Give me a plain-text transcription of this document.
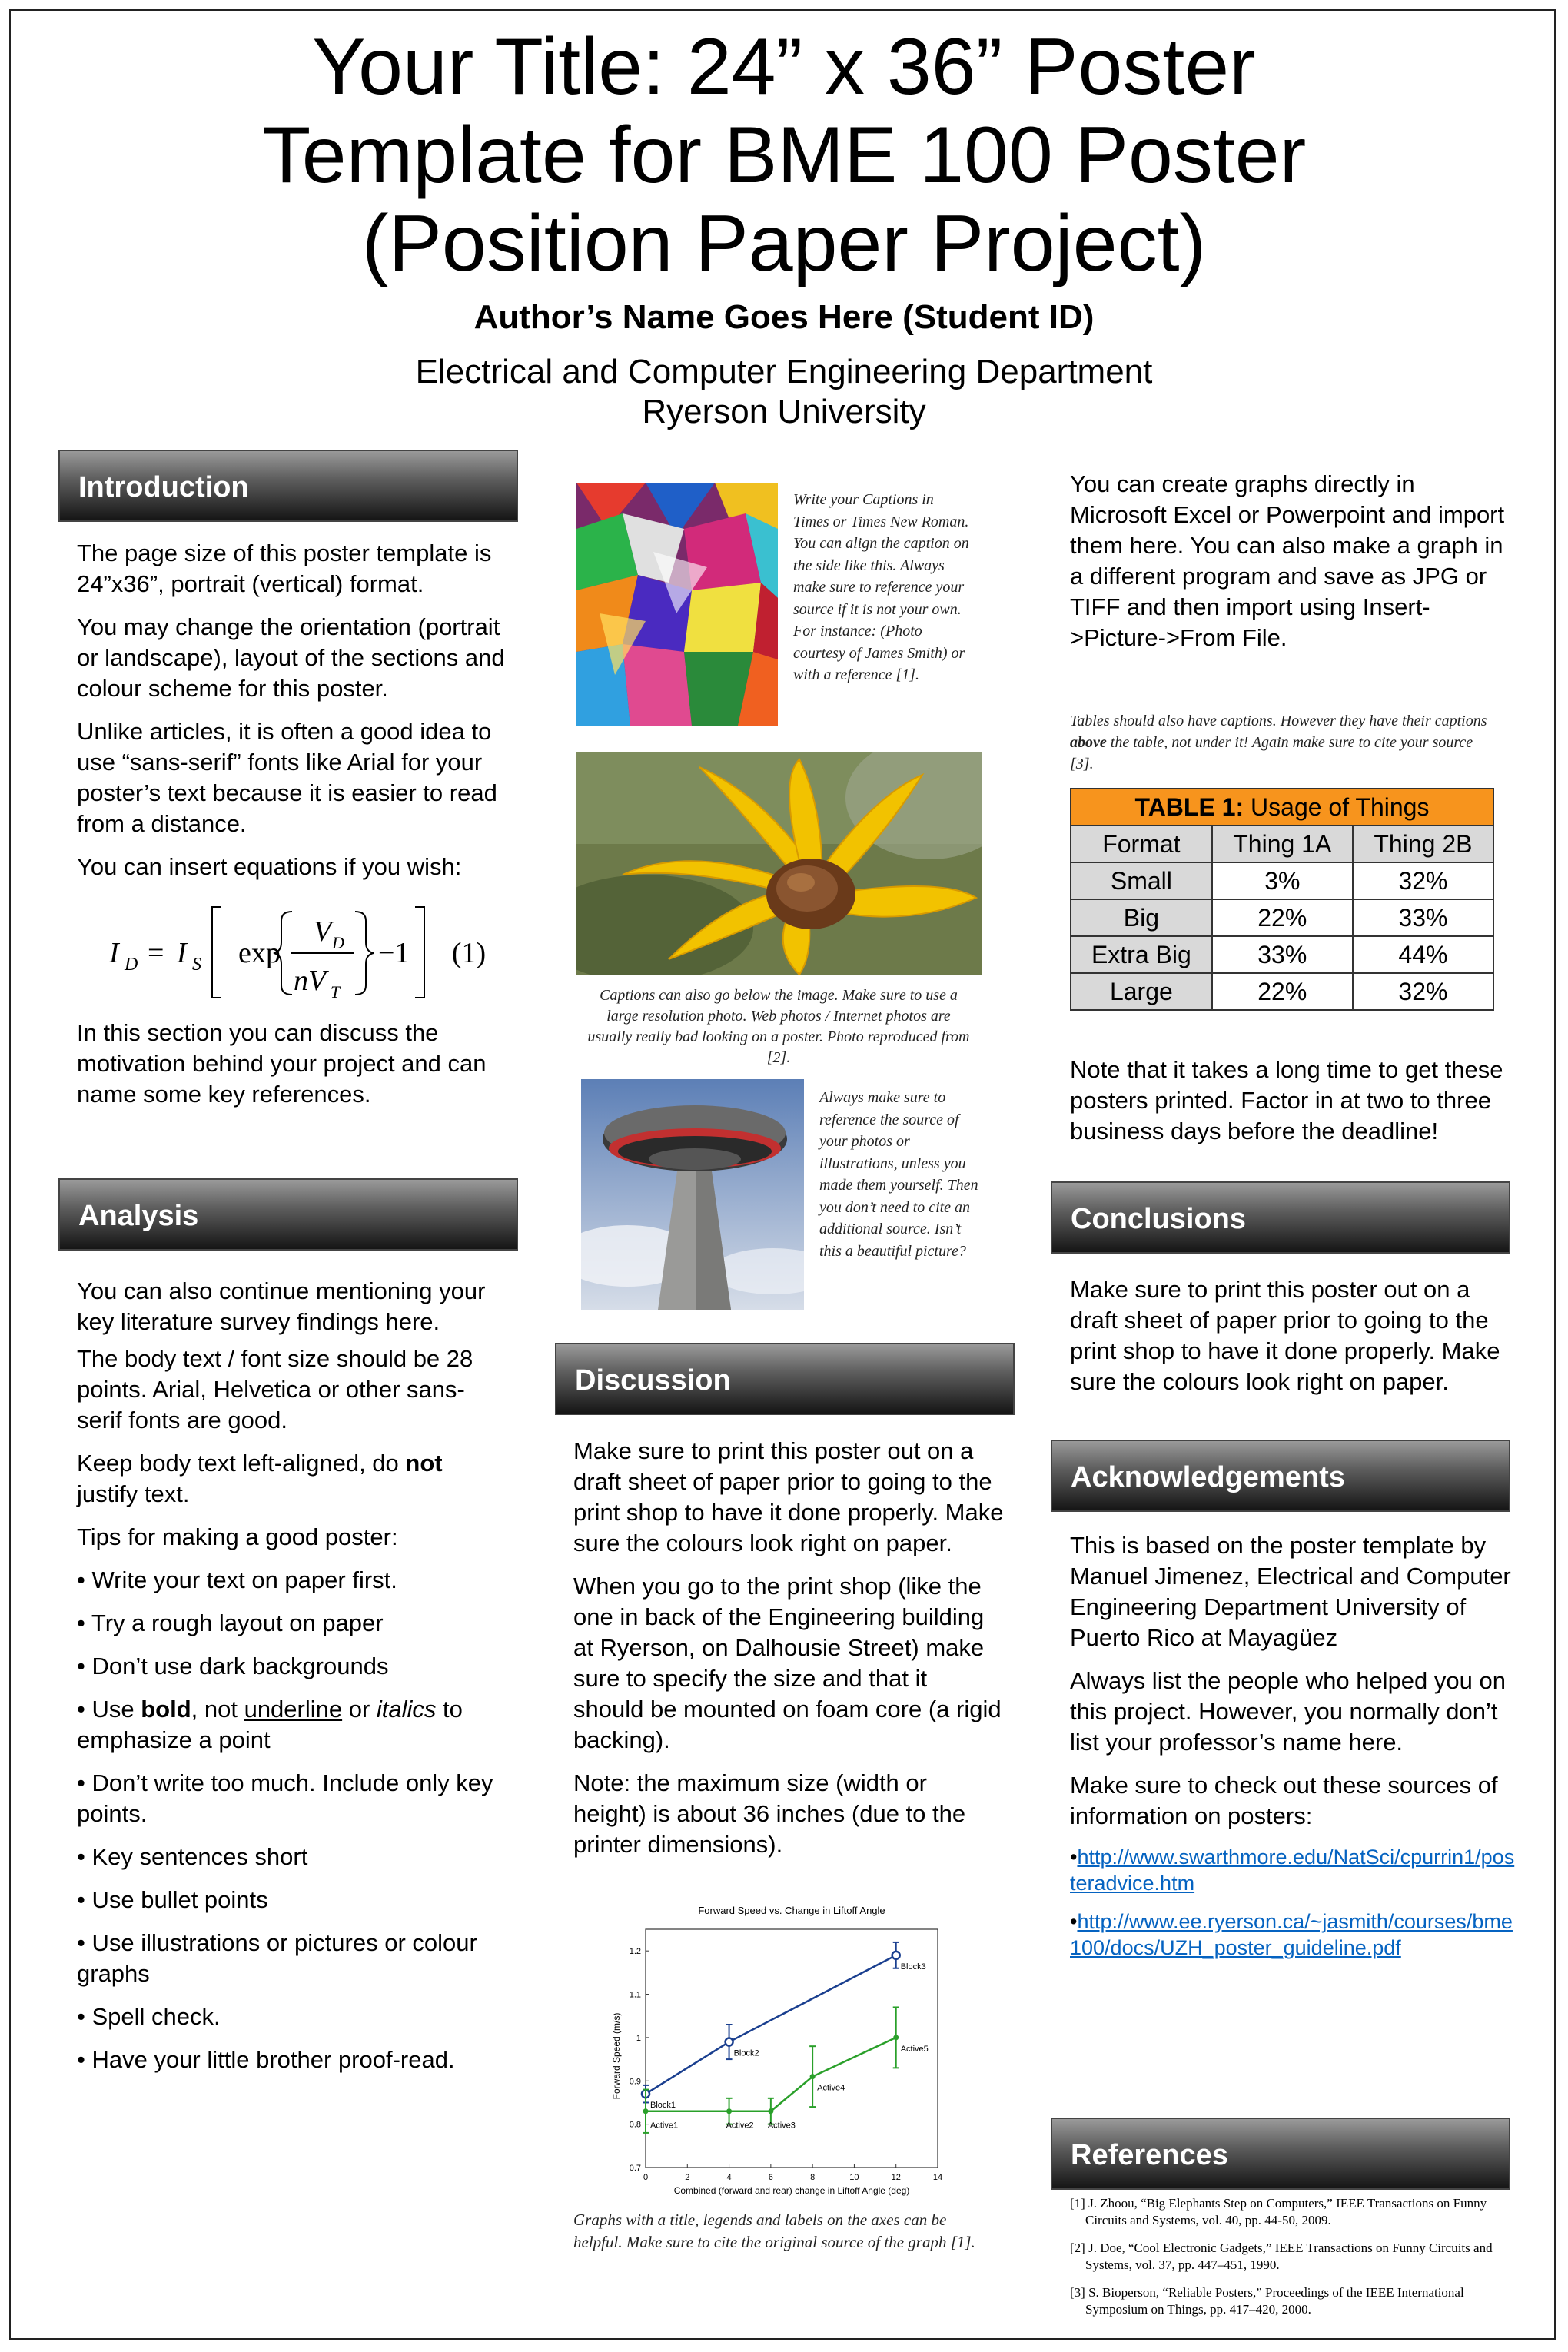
Your Title: 24” x 36” Poster
Template for BME 100 Poster
(Position Paper Project)
Author’s Name Goes Here (Student ID)
Electrical and Computer Engineering Department
Ryerson University
Introduction

The page size of this poster template is 24”x36”, portrait (vertical) format.

You may change the orientation (portrait or landscape), layout of the sections and colour scheme for this poster.

Unlike articles, it is often a good idea to use “sans-serif” fonts like Arial for your poster’s text because it is easier to read from a distance.

You can insert equations if you wish:

I D = I S exp
V D
nV T
−1 (1)

In this section you can discuss the motivation behind your project and can name some key references.

Analysis

You can also continue mentioning your key literature survey findings here.

The body text / font size should be 28 points. Arial, Helvetica or other sans-serif fonts are good.

Keep body text left-aligned, do not justify text.

Tips for making a good poster:

• Write your text on paper first.

• Try a rough layout on paper

• Don’t use dark backgrounds

• Use bold, not underline or italics to emphasize a point

• Don’t write too much. Include only key points.

• Key sentences short

• Use bullet points

• Use illustrations or pictures or colour graphs

• Spell check.

• Have your little brother proof-read.

Write your Captions in Times or Times New Roman. You can align the caption on the side like this. Always make sure to reference your source if it is not your own. For instance: (Photo courtesy of James Smith) or with a reference [1].
Captions can also go below the image. Make sure to use a large resolution photo. Web photos / Internet photos are usually really bad looking on a poster. Photo reproduced from [2].
Always make sure to reference the source of your photos or illustrations, unless you made them yourself. Then you don’t need to cite an additional source. Isn’t this a beautiful picture?
Discussion

Make sure to print this poster out on a draft sheet of paper prior to going to the print shop to have it done properly. Make sure the colours look right on paper.

When you go to the print shop (like the one in back of the Engineering building at Ryerson, on Dalhousie Street) make sure to specify the size and that it should be mounted on foam core (a rigid backing).

Note: the maximum size (width or height) is about 36 inches (due to the printer dimensions).

Forward Speed vs. Change in Liftoff Angle
Combined (forward and rear) change in Liftoff Angle (deg)
Forward Speed (m/s)
0	2	4	6	8	10	12	14
0.7
0.8
0.9
1
1.1
1.2
Block1
Block2
Block3
Active1	Active2 Active3
Active4
Active5
Graphs with a title, legends and labels on the axes can be helpful. Make sure to cite the original source of the graph [1].
You can create graphs directly in Microsoft Excel or Powerpoint and import them here. You can also make a graph in a different program and save as JPG or TIFF and then import using Insert->Picture->From File.
Tables should also have captions. However they have their captions above the table, not under it! Again make sure to cite your source [3].
TABLE 1: Usage of Things		
Format	Thing 1A	Thing 2B
Small	3%	32%
Big	22%	33%
Extra Big	33%	44%
Large	22%	32%
Note that it takes a long time to get these posters printed. Factor in at two to three business days before the deadline!
Conclusions
Make sure to print this poster out on a draft sheet of paper prior to going to the print shop to have it done properly. Make sure the colours look right on paper.
Acknowledgements

This is based on the poster template by Manuel Jimenez, Electrical and Computer Engineering Department University of Puerto Rico at Mayagüez

Always list the people who helped you on this project. However, you normally don’t list your professor’s name here.

Make sure to check out these sources of information on posters:

•http://www.swarthmore.edu/NatSci/cpurrin1/posteradvice.htm

•http://www.ee.ryerson.ca/~jasmith/courses/bme100/docs/UZH_poster_guideline.pdf

References

[1] J. Zhoou, “Big Elephants Step on Computers,” IEEE Transactions on Funny Circuits and Systems, vol. 40, pp. 44-50, 2009.

[2] J. Doe, “Cool Electronic Gadgets,” IEEE Transactions on Funny Circuits and Systems, vol. 37, pp. 447–451, 1990.

[3] S. Bioperson, “Reliable Posters,” Proceedings of the IEEE International Symposium on Things, pp. 417–420, 2000.
